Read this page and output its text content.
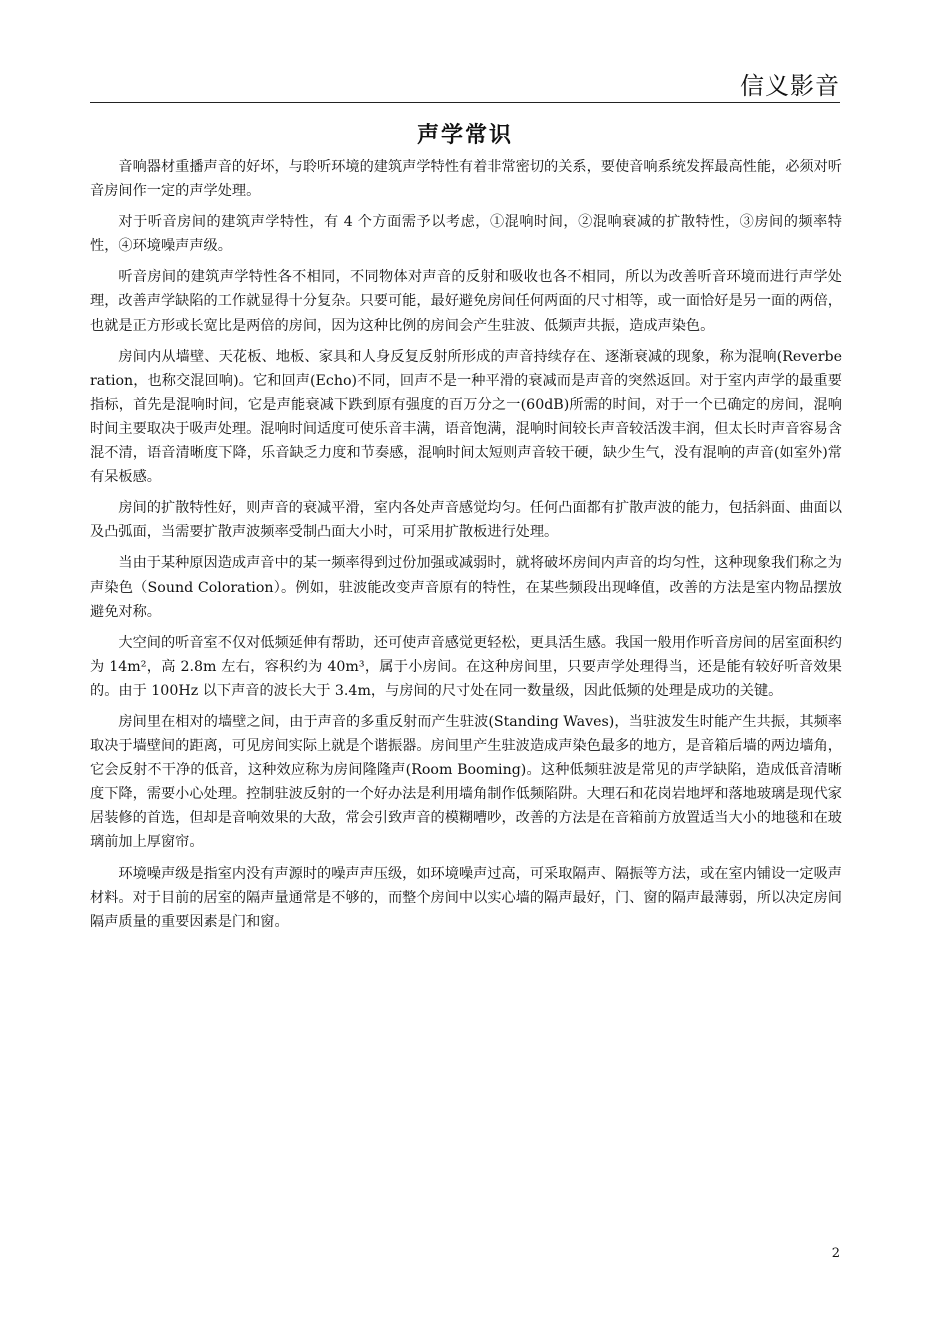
信义影音
声学常识

音响器材重播声音的好坏，与聆听环境的建筑声学特性有着非常密切的关系，要使音响系统发挥最高性能，必须对听音房间作一定的声学处理。

对于听音房间的建筑声学特性，有 4 个方面需予以考虑，①混响时间，②混响衰减的扩散特性，③房间的频率特性，④环境噪声声级。

听音房间的建筑声学特性各不相同，不同物体对声音的反射和吸收也各不相同，所以为改善听音环境而进行声学处理，改善声学缺陷的工作就显得十分复杂。只要可能，最好避免房间任何两面的尺寸相等，或一面恰好是另一面的两倍，也就是正方形或长宽比是两倍的房间，因为这种比例的房间会产生驻波、低频声共振，造成声染色。

房间内从墙壁、天花板、地板、家具和人身反复反射所形成的声音持续存在、逐渐衰减的现象，称为混响(Reverberation，也称交混回响)。它和回声(Echo)不同，回声不是一种平滑的衰减而是声音的突然返回。对于室内声学的最重要指标，首先是混响时间，它是声能衰减下跌到原有强度的百万分之一(60dB)所需的时间，对于一个已确定的房间，混响时间主要取决于吸声处理。混响时间适度可使乐音丰满，语音饱满，混响时间较长声音较活泼丰润，但太长时声音容易含混不清，语音清晰度下降，乐音缺乏力度和节奏感，混响时间太短则声音较干硬，缺少生气，没有混响的声音(如室外)常有呆板感。

房间的扩散特性好，则声音的衰减平滑，室内各处声音感觉均匀。任何凸面都有扩散声波的能力，包括斜面、曲面以及凸弧面，当需要扩散声波频率受制凸面大小时，可采用扩散板进行处理。

当由于某种原因造成声音中的某一频率得到过份加强或减弱时，就将破坏房间内声音的均匀性，这种现象我们称之为声染色（Sound Coloration）。例如，驻波能改变声音原有的特性，在某些频段出现峰值，改善的方法是室内物品摆放避免对称。

大空间的听音室不仅对低频延伸有帮助，还可使声音感觉更轻松，更具活生感。我国一般用作听音房间的居室面积约为 14m²，高 2.8m 左右，容积约为 40m³，属于小房间。在这种房间里，只要声学处理得当，还是能有较好听音效果的。由于 100Hz 以下声音的波长大于 3.4m，与房间的尺寸处在同一数量级，因此低频的处理是成功的关键。

房间里在相对的墙壁之间，由于声音的多重反射而产生驻波(Standing Waves)，当驻波发生时能产生共振，其频率取决于墙壁间的距离，可见房间实际上就是个谐振器。房间里产生驻波造成声染色最多的地方，是音箱后墙的两边墙角，它会反射不干净的低音，这种效应称为房间隆隆声(Room Booming)。这种低频驻波是常见的声学缺陷，造成低音清晰度下降，需要小心处理。控制驻波反射的一个好办法是利用墙角制作低频陷阱。大理石和花岗岩地坪和落地玻璃是现代家居装修的首选，但却是音响效果的大敌，常会引致声音的模糊嘈吵，改善的方法是在音箱前方放置适当大小的地毯和在玻璃前加上厚窗帘。

环境噪声级是指室内没有声源时的噪声声压级，如环境噪声过高，可采取隔声、隔振等方法，或在室内铺设一定吸声材料。对于目前的居室的隔声量通常是不够的，而整个房间中以实心墙的隔声最好，门、窗的隔声最薄弱，所以决定房间隔声质量的重要因素是门和窗。

2
